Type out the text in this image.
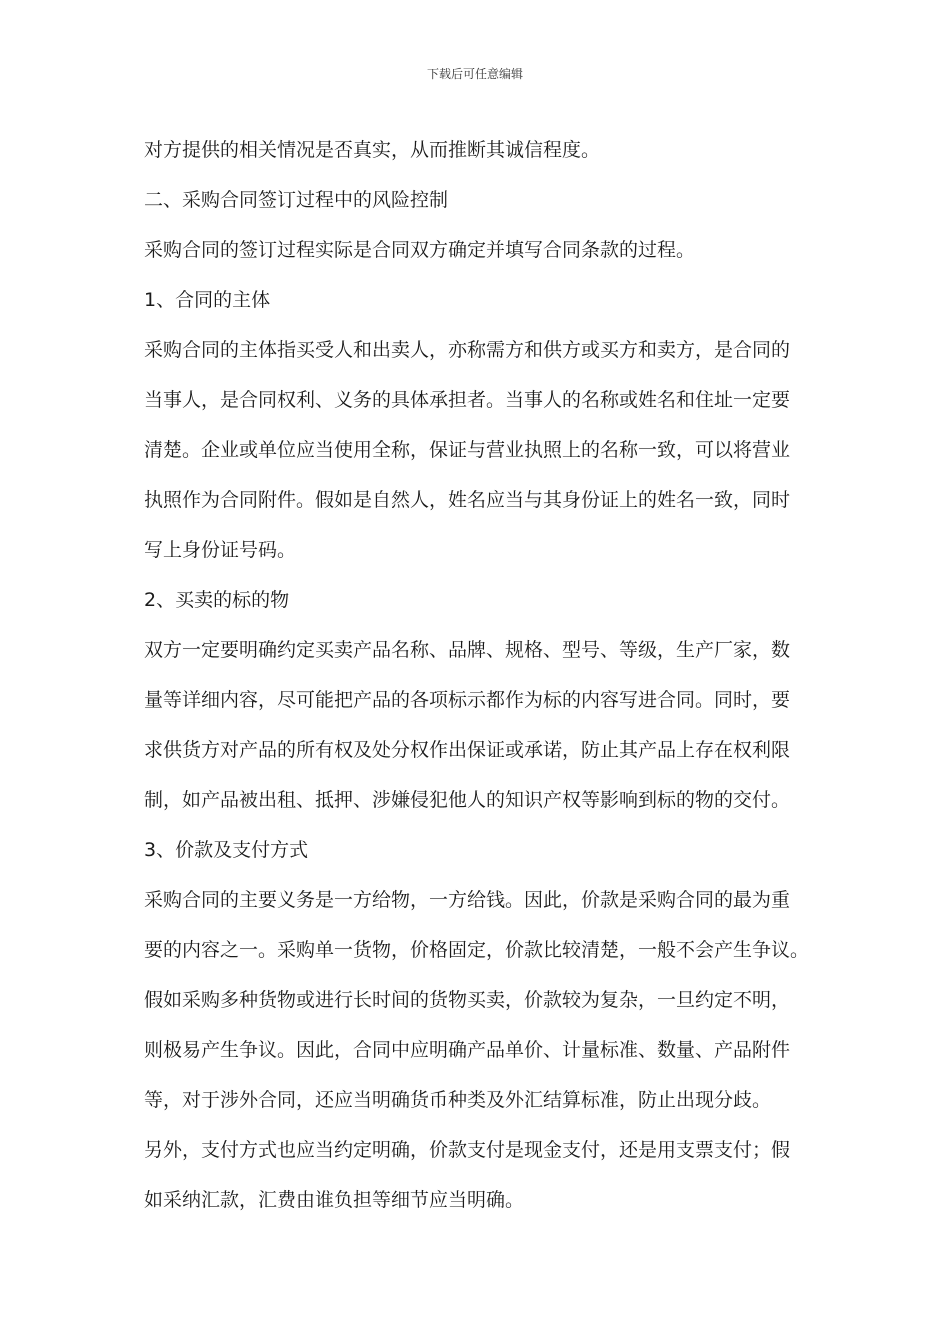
下载后可任意编辑
对方提供的相关情况是否真实，从而推断其诚信程度。
二、采购合同签订过程中的风险控制
采购合同的签订过程实际是合同双方确定并填写合同条款的过程。
1、合同的主体
采购合同的主体指买受人和出卖人，亦称需方和供方或买方和卖方，是合同的
当事人，是合同权利、义务的具体承担者。当事人的名称或姓名和住址一定要
清楚。企业或单位应当使用全称，保证与营业执照上的名称一致，可以将营业
执照作为合同附件。假如是自然人，姓名应当与其身份证上的姓名一致，同时
写上身份证号码。
2、买卖的标的物
双方一定要明确约定买卖产品名称、品牌、规格、型号、等级，生产厂家，数
量等详细内容，尽可能把产品的各项标示都作为标的内容写进合同。同时，要
求供货方对产品的所有权及处分权作出保证或承诺，防止其产品上存在权利限
制，如产品被出租、抵押、涉嫌侵犯他人的知识产权等影响到标的物的交付。
3、价款及支付方式
采购合同的主要义务是一方给物，一方给钱。因此，价款是采购合同的最为重
要的内容之一。采购单一货物，价格固定，价款比较清楚，一般不会产生争议。
假如采购多种货物或进行长时间的货物买卖，价款较为复杂，一旦约定不明，
则极易产生争议。因此，合同中应明确产品单价、计量标准、数量、产品附件
等，对于涉外合同，还应当明确货币种类及外汇结算标准，防止出现分歧。
另外，支付方式也应当约定明确，价款支付是现金支付，还是用支票支付；假
如采纳汇款，汇费由谁负担等细节应当明确。
